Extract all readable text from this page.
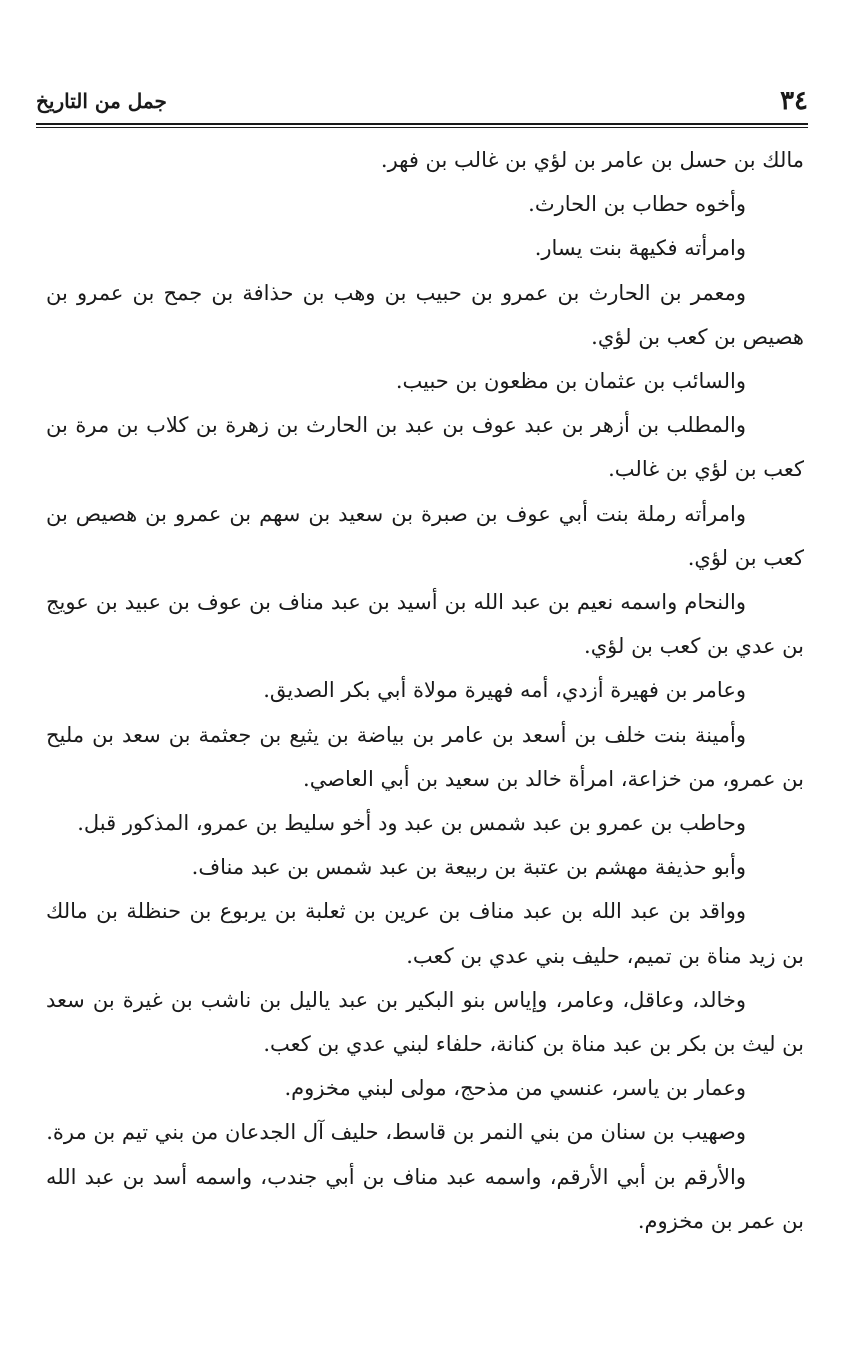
٣٤
جمل من التاريخ

مالك بن حسل بن عامر بن لؤي بن غالب بن فهر.

وأخوه حطاب بن الحارث.

وامرأته فكيهة بنت يسار.

ومعمر بن الحارث بن عمرو بن حبيب بن وهب بن حذافة بن جمح بن عمرو بن هصيص بن كعب بن لؤي.

والسائب بن عثمان بن مظعون بن حبيب.

والمطلب بن أزهر بن عبد عوف بن عبد بن الحارث بن زهرة بن كلاب بن مرة بن كعب بن لؤي بن غالب.

وامرأته رملة بنت أبي عوف بن صبرة بن سعيد بن سهم بن عمرو بن هصيص بن كعب بن لؤي.

والنحام واسمه نعيم بن عبد الله بن أسيد بن عبد مناف بن عوف بن عبيد بن عويج بن عدي بن كعب بن لؤي.

وعامر بن فهيرة أزدي، أمه فهيرة مولاة أبي بكر الصديق.

وأمينة بنت خلف بن أسعد بن عامر بن بياضة بن يثيع بن جعثمة بن سعد بن مليح بن عمرو، من خزاعة، امرأة خالد بن سعيد بن أبي العاصي.

وحاطب بن عمرو بن عبد شمس بن عبد ود أخو سليط بن عمرو، المذكور قبل.

وأبو حذيفة مهشم بن عتبة بن ربيعة بن عبد شمس بن عبد مناف.

وواقد بن عبد الله بن عبد مناف بن عرين بن ثعلبة بن يربوع بن حنظلة بن مالك بن زيد مناة بن تميم، حليف بني عدي بن كعب.

وخالد، وعاقل، وعامر، وإياس بنو البكير بن عبد ياليل بن ناشب بن غيرة بن سعد بن ليث بن بكر بن عبد مناة بن كنانة، حلفاء لبني عدي بن كعب.

وعمار بن ياسر، عنسي من مذحج، مولى لبني مخزوم.

وصهيب بن سنان من بني النمر بن قاسط، حليف آل الجدعان من بني تيم بن مرة.

والأرقم بن أبي الأرقم، واسمه عبد مناف بن أبي جندب، واسمه أسد بن عبد الله بن عمر بن مخزوم.
